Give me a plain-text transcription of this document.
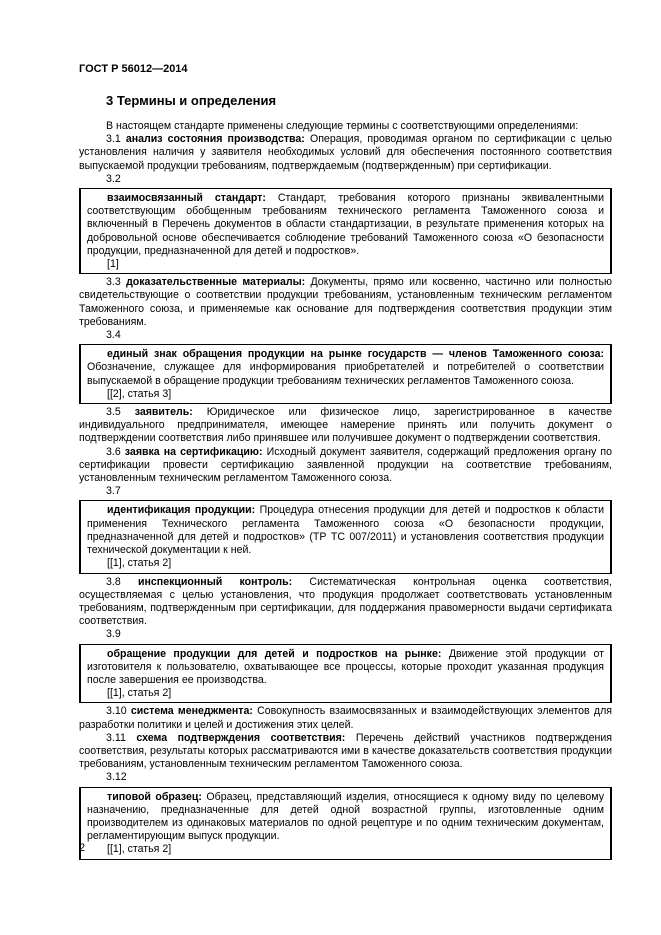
ГОСТ Р 56012—2014
3 Термины и определения

В настоящем стандарте применены следующие термины с соответствующими определениями:

3.1 анализ состояния производства: Операция, проводимая органом по сертификации с целью установления наличия у заявителя необходимых условий для обеспечения постоянного соответствия выпускаемой продукции требованиям, подтверждаемым (подтвержденным) при сертификации.

3.2

взаимосвязанный стандарт: Стандарт, требования которого признаны эквивалентными соответствующим обобщенным требованиям технического регламента Таможенного союза и включенный в Перечень документов в области стандартизации, в результате применения которых на добровольной основе обеспечивается соблюдение требований Таможенного союза «О безопасности продукции, предназначенной для детей и подростков».

[1]

3.3 доказательственные материалы: Документы, прямо или косвенно, частично или полностью свидетельствующие о соответствии продукции требованиям, установленным техническим регламентом Таможенного союза, и применяемые как основание для подтверждения соответствия продукции этим требованиям.

3.4

единый знак обращения продукции на рынке государств — членов Таможенного союза: Обозначение, служащее для информирования приобретателей и потребителей о соответствии выпускаемой в обращение продукции требованиям технических регламентов Таможенного союза.

[[2], статья 3]

3.5 заявитель: Юридическое или физическое лицо, зарегистрированное в качестве индивидуального предпринимателя, имеющее намерение принять или получить документ о подтверждении соответствия либо принявшее или получившее документ о подтверждении соответствия.

3.6 заявка на сертификацию: Исходный документ заявителя, содержащий предложения органу по сертификации провести сертификацию заявленной продукции на соответствие требованиям, установленным техническим регламентом Таможенного союза.

3.7

идентификация продукции: Процедура отнесения продукции для детей и подростков к области применения Технического регламента Таможенного союза «О безопасности продукции, предназначенной для детей и подростков» (ТР ТС 007/2011) и установления соответствия продукции технической документации к ней.

[[1], статья 2]

3.8 инспекционный контроль: Систематическая контрольная оценка соответствия, осуществляемая с целью установления, что продукция продолжает соответствовать установленным требованиям, подтвержденным при сертификации, для поддержания правомерности выдачи сертификата соответствия.

3.9

обращение продукции для детей и подростков на рынке: Движение этой продукции от изготовителя к пользователю, охватывающее все процессы, которые проходит указанная продукция после завершения ее производства.

[[1], статья 2]

3.10 система менеджмента: Совокупность взаимосвязанных и взаимодействующих элементов для разработки политики и целей и достижения этих целей.

3.11 схема подтверждения соответствия: Перечень действий участников подтверждения соответствия, результаты которых рассматриваются ими в качестве доказательств соответствия продукции требованиям, установленным техническим регламентом Таможенного союза.

3.12

типовой образец: Образец, представляющий изделия, относящиеся к одному виду по целевому назначению, предназначенные для детей одной возрастной группы, изготовленные одним производителем из одинаковых материалов по одной рецептуре и по одним техническим документам, регламентирующим выпуск продукции.

[[1], статья 2]

2
